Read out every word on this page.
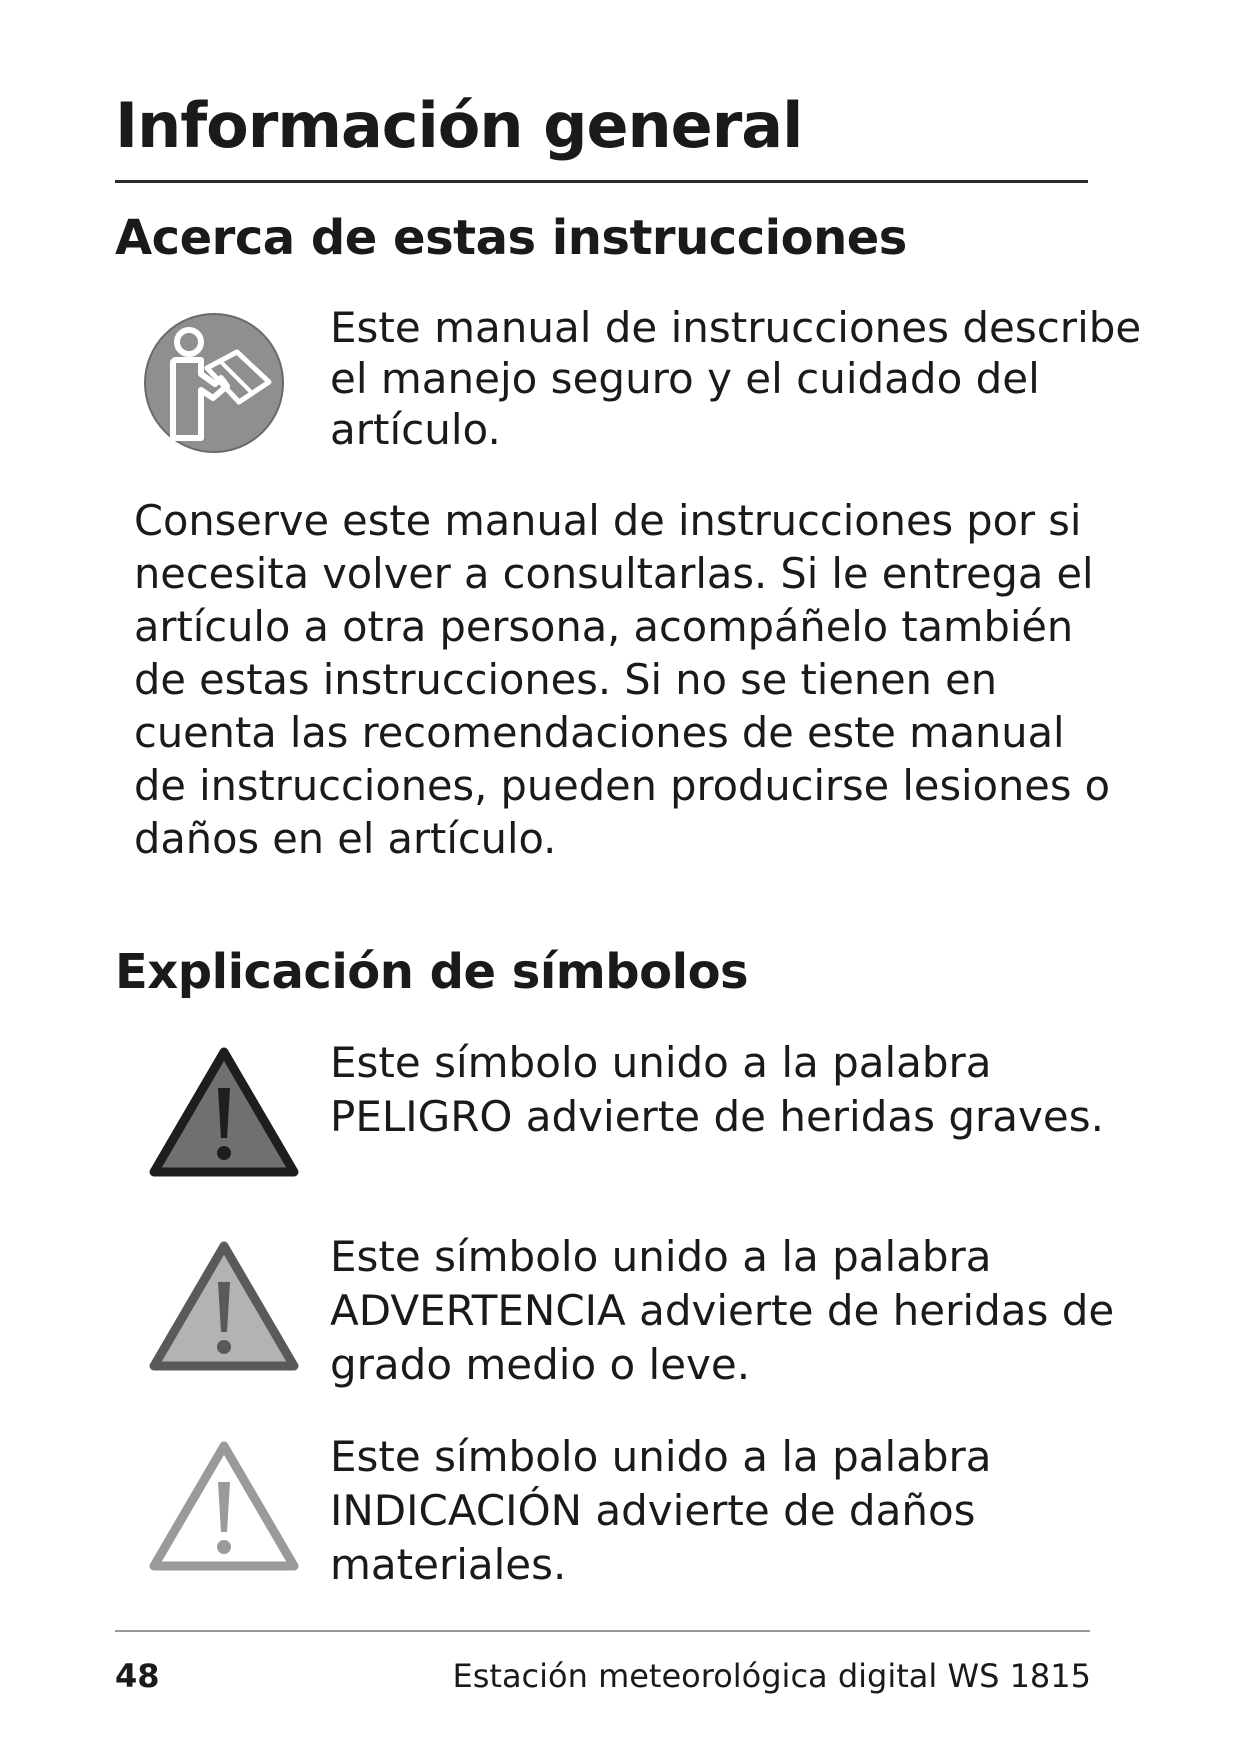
Información general
Acerca de estas instrucciones

Este manual de instrucciones describe
el manejo seguro y el cuidado del
artículo.

Conserve este manual de instrucciones por si
necesita volver a consultarlas. Si le entrega el
artículo a otra persona, acompáñelo también
de estas instrucciones. Si no se tienen en
cuenta las recomendaciones de este manual
de instrucciones, pueden producirse lesiones o
daños en el artículo.

Explicación de símbolos

Este símbolo unido a la palabra
PELIGRO advierte de heridas graves.

Este símbolo unido a la palabra
ADVERTENCIA advierte de heridas de
grado medio o leve.

Este símbolo unido a la palabra
INDICACIÓN advierte de daños
materiales.

48	Estación meteorológica digital WS 1815
